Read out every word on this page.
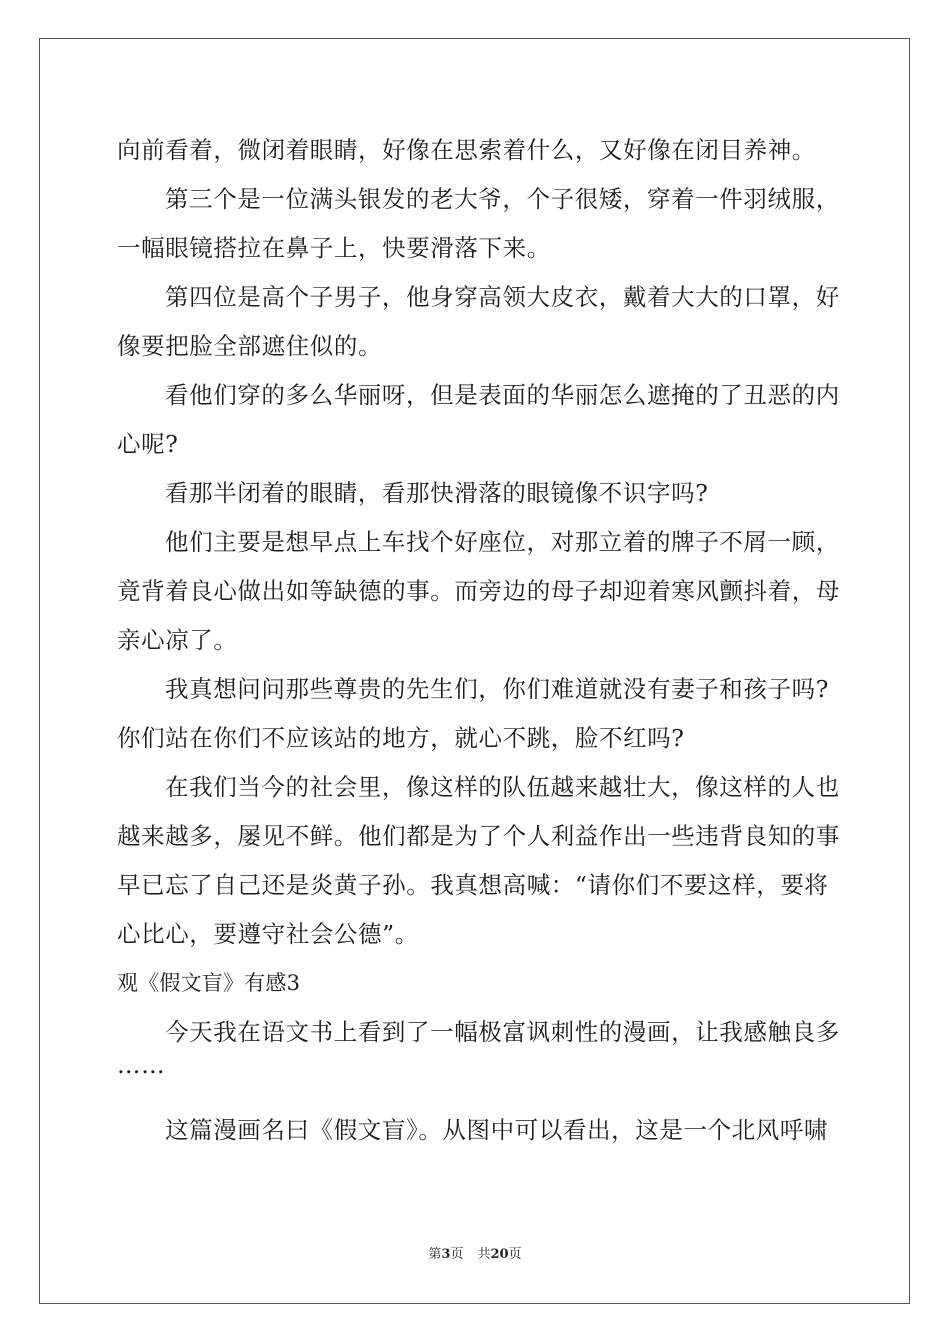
向前看着，微闭着眼睛，好像在思索着什么，又好像在闭目养神。
第三个是一位满头银发的老大爷，个子很矮，穿着一件羽绒服，
一幅眼镜搭拉在鼻子上，快要滑落下来。
第四位是高个子男子，他身穿高领大皮衣，戴着大大的口罩，好
像要把脸全部遮住似的。
看他们穿的多么华丽呀，但是表面的华丽怎么遮掩的了丑恶的内
心呢?
看那半闭着的眼睛，看那快滑落的眼镜像不识字吗?
他们主要是想早点上车找个好座位，对那立着的牌子不屑一顾，
竟背着良心做出如等缺德的事。而旁边的母子却迎着寒风颤抖着，母
亲心凉了。
我真想问问那些尊贵的先生们，你们难道就没有妻子和孩子吗?
你们站在你们不应该站的地方，就心不跳，脸不红吗?
在我们当今的社会里，像这样的队伍越来越壮大，像这样的人也
越来越多，屡见不鲜。他们都是为了个人利益作出一些违背良知的事
早已忘了自己还是炎黄子孙。我真想高喊：“请你们不要这样，要将
心比心，要遵守社会公德”。
观《假文盲》有感3
今天我在语文书上看到了一幅极富讽刺性的漫画，让我感触良多
……
这篇漫画名曰《假文盲》。从图中可以看出，这是一个北风呼啸
第3页 共20页
